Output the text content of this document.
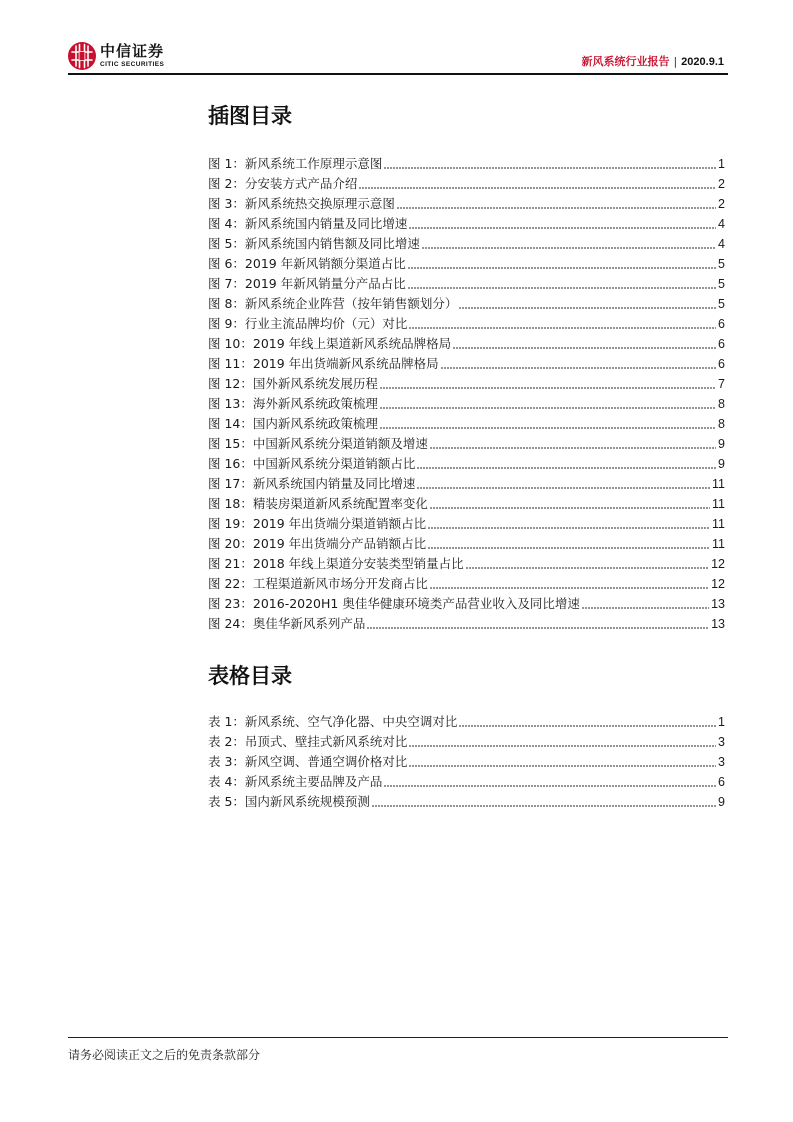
中信证券
CITIC SECURITIES	新风系统行业报告 | 2020.9.1
插图目录
图 1：新风系统工作原理示意图	1
图 2：分安装方式产品介绍	2
图 3：新风系统热交换原理示意图	2
图 4：新风系统国内销量及同比增速	4
图 5：新风系统国内销售额及同比增速	4
图 6：2019 年新风销额分渠道占比	5
图 7：2019 年新风销量分产品占比	5
图 8：新风系统企业阵营（按年销售额划分）	5
图 9：行业主流品牌均价（元）对比	6
图 10：2019 年线上渠道新风系统品牌格局	6
图 11：2019 年出货端新风系统品牌格局	6
图 12：国外新风系统发展历程	7
图 13：海外新风系统政策梳理	8
图 14：国内新风系统政策梳理	8
图 15：中国新风系统分渠道销额及增速	9
图 16：中国新风系统分渠道销额占比	9
图 17：新风系统国内销量及同比增速	11
图 18：精装房渠道新风系统配置率变化	11
图 19：2019 年出货端分渠道销额占比	11
图 20：2019 年出货端分产品销额占比	11
图 21：2018 年线上渠道分安装类型销量占比	12
图 22：工程渠道新风市场分开发商占比	12
图 23：2016-2020H1 奥佳华健康环境类产品营业收入及同比增速	13
图 24：奥佳华新风系列产品	13
表格目录
表 1：新风系统、空气净化器、中央空调对比	1
表 2：吊顶式、壁挂式新风系统对比	3
表 3：新风空调、普通空调价格对比	3
表 4：新风系统主要品牌及产品	6
表 5：国内新风系统规模预测	9
请务必阅读正文之后的免责条款部分
